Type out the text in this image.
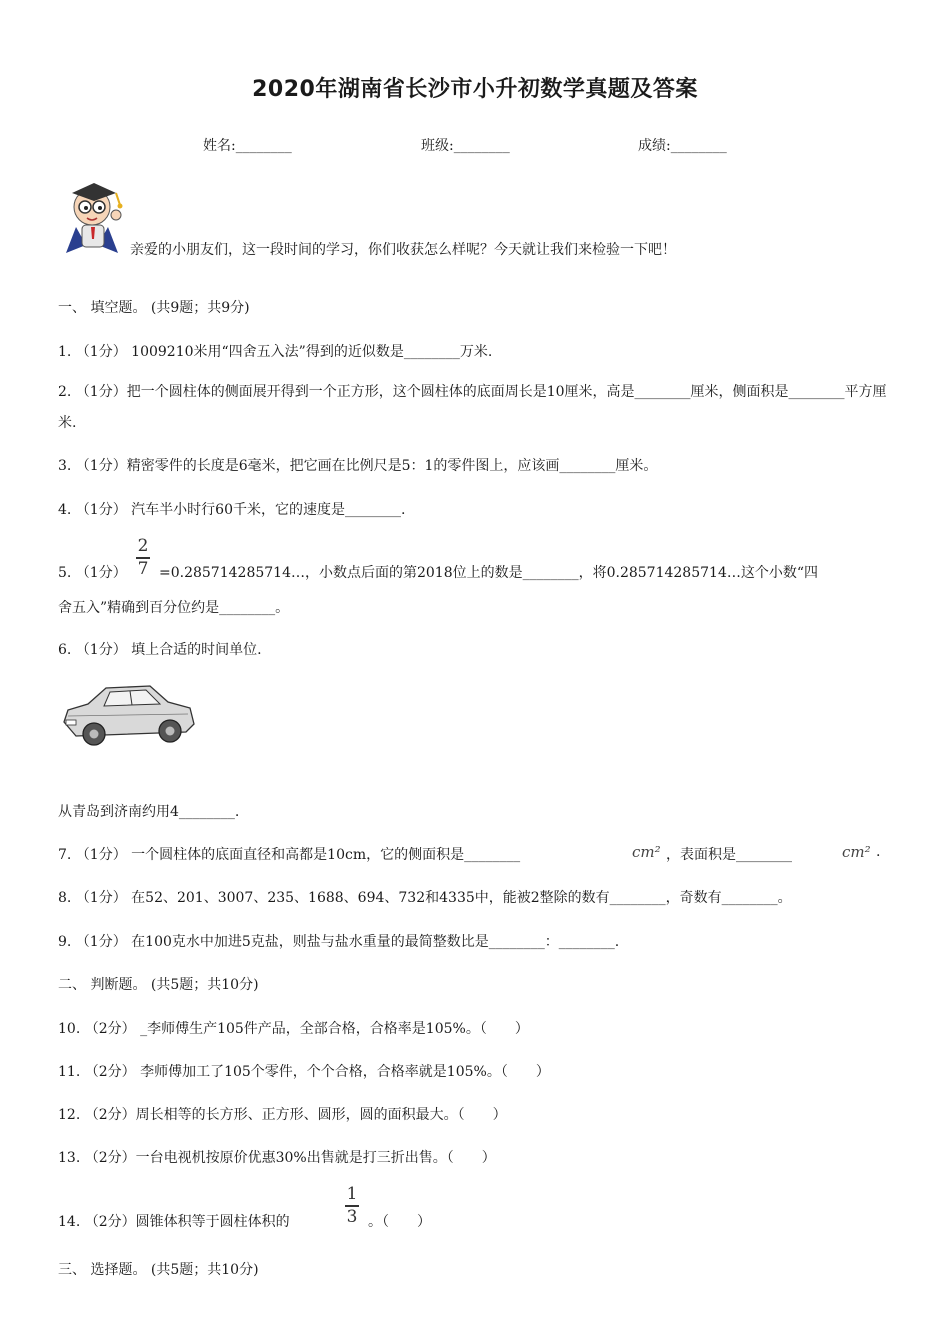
2020年湖南省长沙市小升初数学真题及答案
姓名:________	班级:________	成绩:________
亲爱的小朋友们，这一段时间的学习，你们收获怎么样呢？今天就让我们来检验一下吧！
一、 填空题。 (共9题；共9分)
1. （1分） 1009210米用“四舍五入法”得到的近似数是________万米.
2. （1分）把一个圆柱体的侧面展开得到一个正方形，这个圆柱体的底面周长是10厘米，高是________厘米，侧面积是________平方厘米.
3. （1分）精密零件的长度是6毫米，把它画在比例尺是5：1的零件图上，应该画________厘米。
4. （1分） 汽车半小时行60千米，它的速度是________.
5. （1分）
2
7 =0.285714285714…，小数点后面的第2018位上的数是________，将0.285714285714…这个小数“四
舍五入”精确到百分位约是________。
6. （1分） 填上合适的时间单位.
从青岛到济南约用4________.
7. （1分） 一个圆柱体的底面直径和高都是10cm，它的侧面积是________	cm² ，表面积是________	cm² .
8. （1分） 在52、201、3007、235、1688、694、732和4335中，能被2整除的数有________，奇数有________。
9. （1分） 在100克水中加进5克盐，则盐与盐水重量的最简整数比是________：________.
二、 判断题。 (共5题；共10分)
10. （2分） _李师傅生产105件产品，全部合格，合格率是105%。（　　）
11. （2分） 李师傅加工了105个零件，个个合格，合格率就是105%。（　　）
12. （2分）周长相等的长方形、正方形、圆形，圆的面积最大。（　　）
13. （2分）一台电视机按原价优惠30%出售就是打三折出售。（　　）
14. （2分）圆锥体积等于圆柱体积的
1
3 。（　　）
三、 选择题。 (共5题；共10分)
